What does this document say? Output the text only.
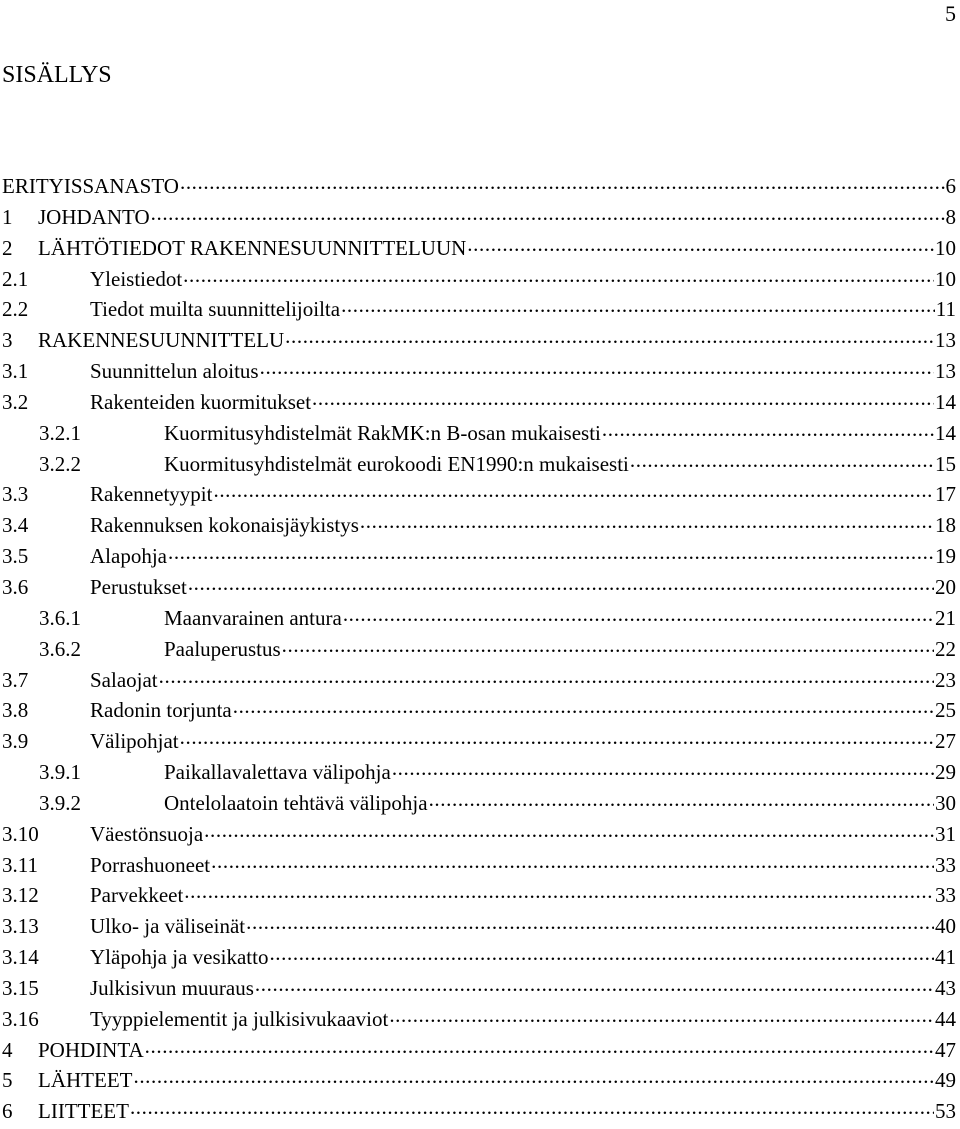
5
SISÄLLYS
ERITYISSANASTO .....	6
1	JOHDANTO .....	8
2	LÄHTÖTIEDOT RAKENNESUUNNITTELUUN .....	10
2.1	Yleistiedot .....	10
2.2	Tiedot muilta suunnittelijoilta .....	11
3	RAKENNESUUNNITTELU .....	13
3.1	Suunnittelun aloitus .....	13
3.2	Rakenteiden kuormitukset .....	14
3.2.1	Kuormitusyhdistelmät RakMK:n B-osan mukaisesti .....	14
3.2.2	Kuormitusyhdistelmät eurokoodi EN1990:n mukaisesti .....	15
3.3	Rakennetyypit .....	17
3.4	Rakennuksen kokonaisjäykistys .....	18
3.5	Alapohja .....	19
3.6	Perustukset .....	20
3.6.1	Maanvarainen antura .....	21
3.6.2	Paaluperustus .....	22
3.7	Salaojat .....	23
3.8	Radonin torjunta .....	25
3.9	Välipohjat .....	27
3.9.1	Paikallavalettava välipohja .....	29
3.9.2	Ontelolaatoin tehtävä välipohja .....	30
3.10	Väestönsuoja .....	31
3.11	Porrashuoneet .....	33
3.12	Parvekkeet .....	33
3.13	Ulko- ja väliseinät .....	40
3.14	Yläpohja ja vesikatto .....	41
3.15	Julkisivun muuraus .....	43
3.16	Tyyppielementit ja julkisivukaaviot .....	44
4	POHDINTA .....	47
5	LÄHTEET .....	49
6	LIITTEET .....	53
